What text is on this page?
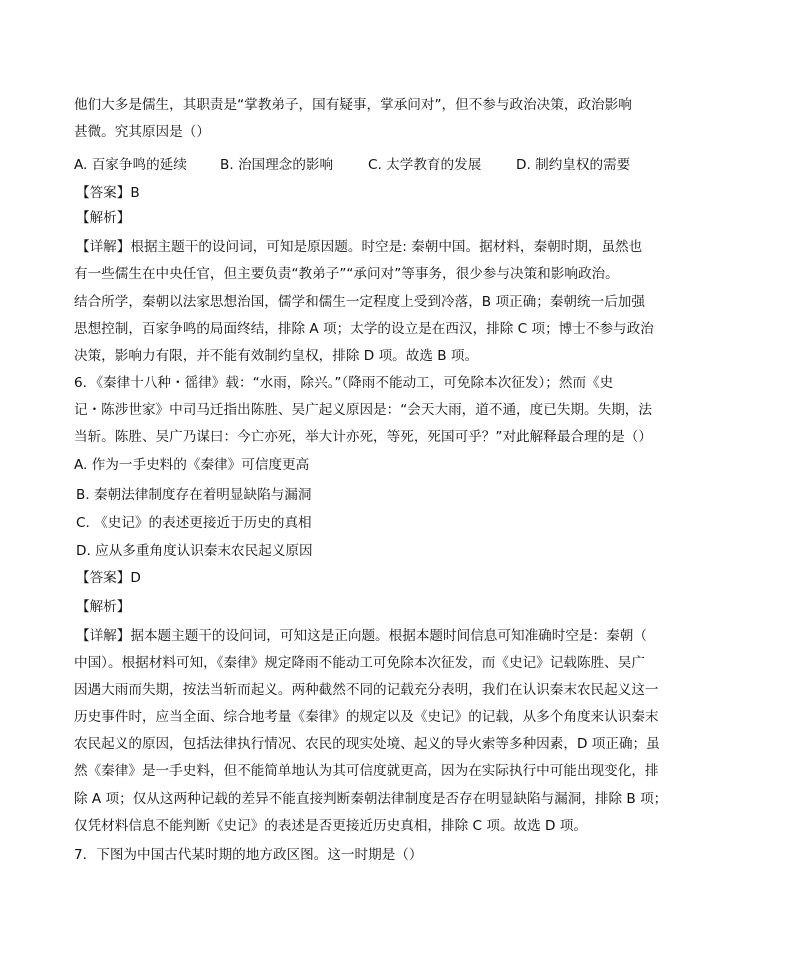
他们大多是儒生，其职责是“掌教弟子，国有疑事，掌承问对”，但不参与政治决策，政治影响
甚微。究其原因是（）
A. 百家争鸣的延续 B. 治国理念的影响	C. 太学教育的发展	D. 制约皇权的需要
【答案】B
【解析】
【详解】根据主题干的设问词，可知是原因题。时空是: 秦朝中国。据材料，秦朝时期，虽然也
有一些儒生在中央任官，但主要负责“教弟子”“承问对”等事务，很少参与决策和影响政治。
结合所学，秦朝以法家思想治国，儒学和儒生一定程度上受到冷落，B 项正确；秦朝统一后加强
思想控制，百家争鸣的局面终结，排除 A 项；太学的设立是在西汉，排除 C 项；博士不参与政治
决策，影响力有限，并不能有效制约皇权，排除 D 项。故选 B 项。
6．《秦律十八种・徭律》载：“水雨，除兴。”（降雨不能动工，可免除本次征发）；然而《史
记・陈涉世家》中司马迁指出陈胜、吴广起义原因是：“会天大雨，道不通，度已失期。失期，法
当斩。陈胜、吴广乃谋曰：今亡亦死，举大计亦死，等死，死国可乎？”对此解释最合理的是（）
A. 作为一手史料的《秦律》可信度更高
B. 秦朝法律制度存在着明显缺陷与漏洞
C. 《史记》的表述更接近于历史的真相
D. 应从多重角度认识秦末农民起义原因
【答案】D
【解析】
【详解】据本题主题干的设问词，可知这是正向题。根据本题时间信息可知准确时空是：秦朝（
中国）。根据材料可知，《秦律》规定降雨不能动工可免除本次征发，而《史记》记载陈胜、吴广
因遇大雨而失期，按法当斩而起义。两种截然不同的记载充分表明，我们在认识秦末农民起义这一
历史事件时，应当全面、综合地考量《秦律》的规定以及《史记》的记载，从多个角度来认识秦末
农民起义的原因，包括法律执行情况、农民的现实处境、起义的导火索等多种因素，D 项正确；虽
然《秦律》是一手史料，但不能简单地认为其可信度就更高，因为在实际执行中可能出现变化，排
除 A 项；仅从这两种记载的差异不能直接判断秦朝法律制度是否存在明显缺陷与漏洞，排除 B 项；
仅凭材料信息不能判断《史记》的表述是否更接近历史真相，排除 C 项。故选 D 项。
7．下图为中国古代某时期的地方政区图。这一时期是（）
